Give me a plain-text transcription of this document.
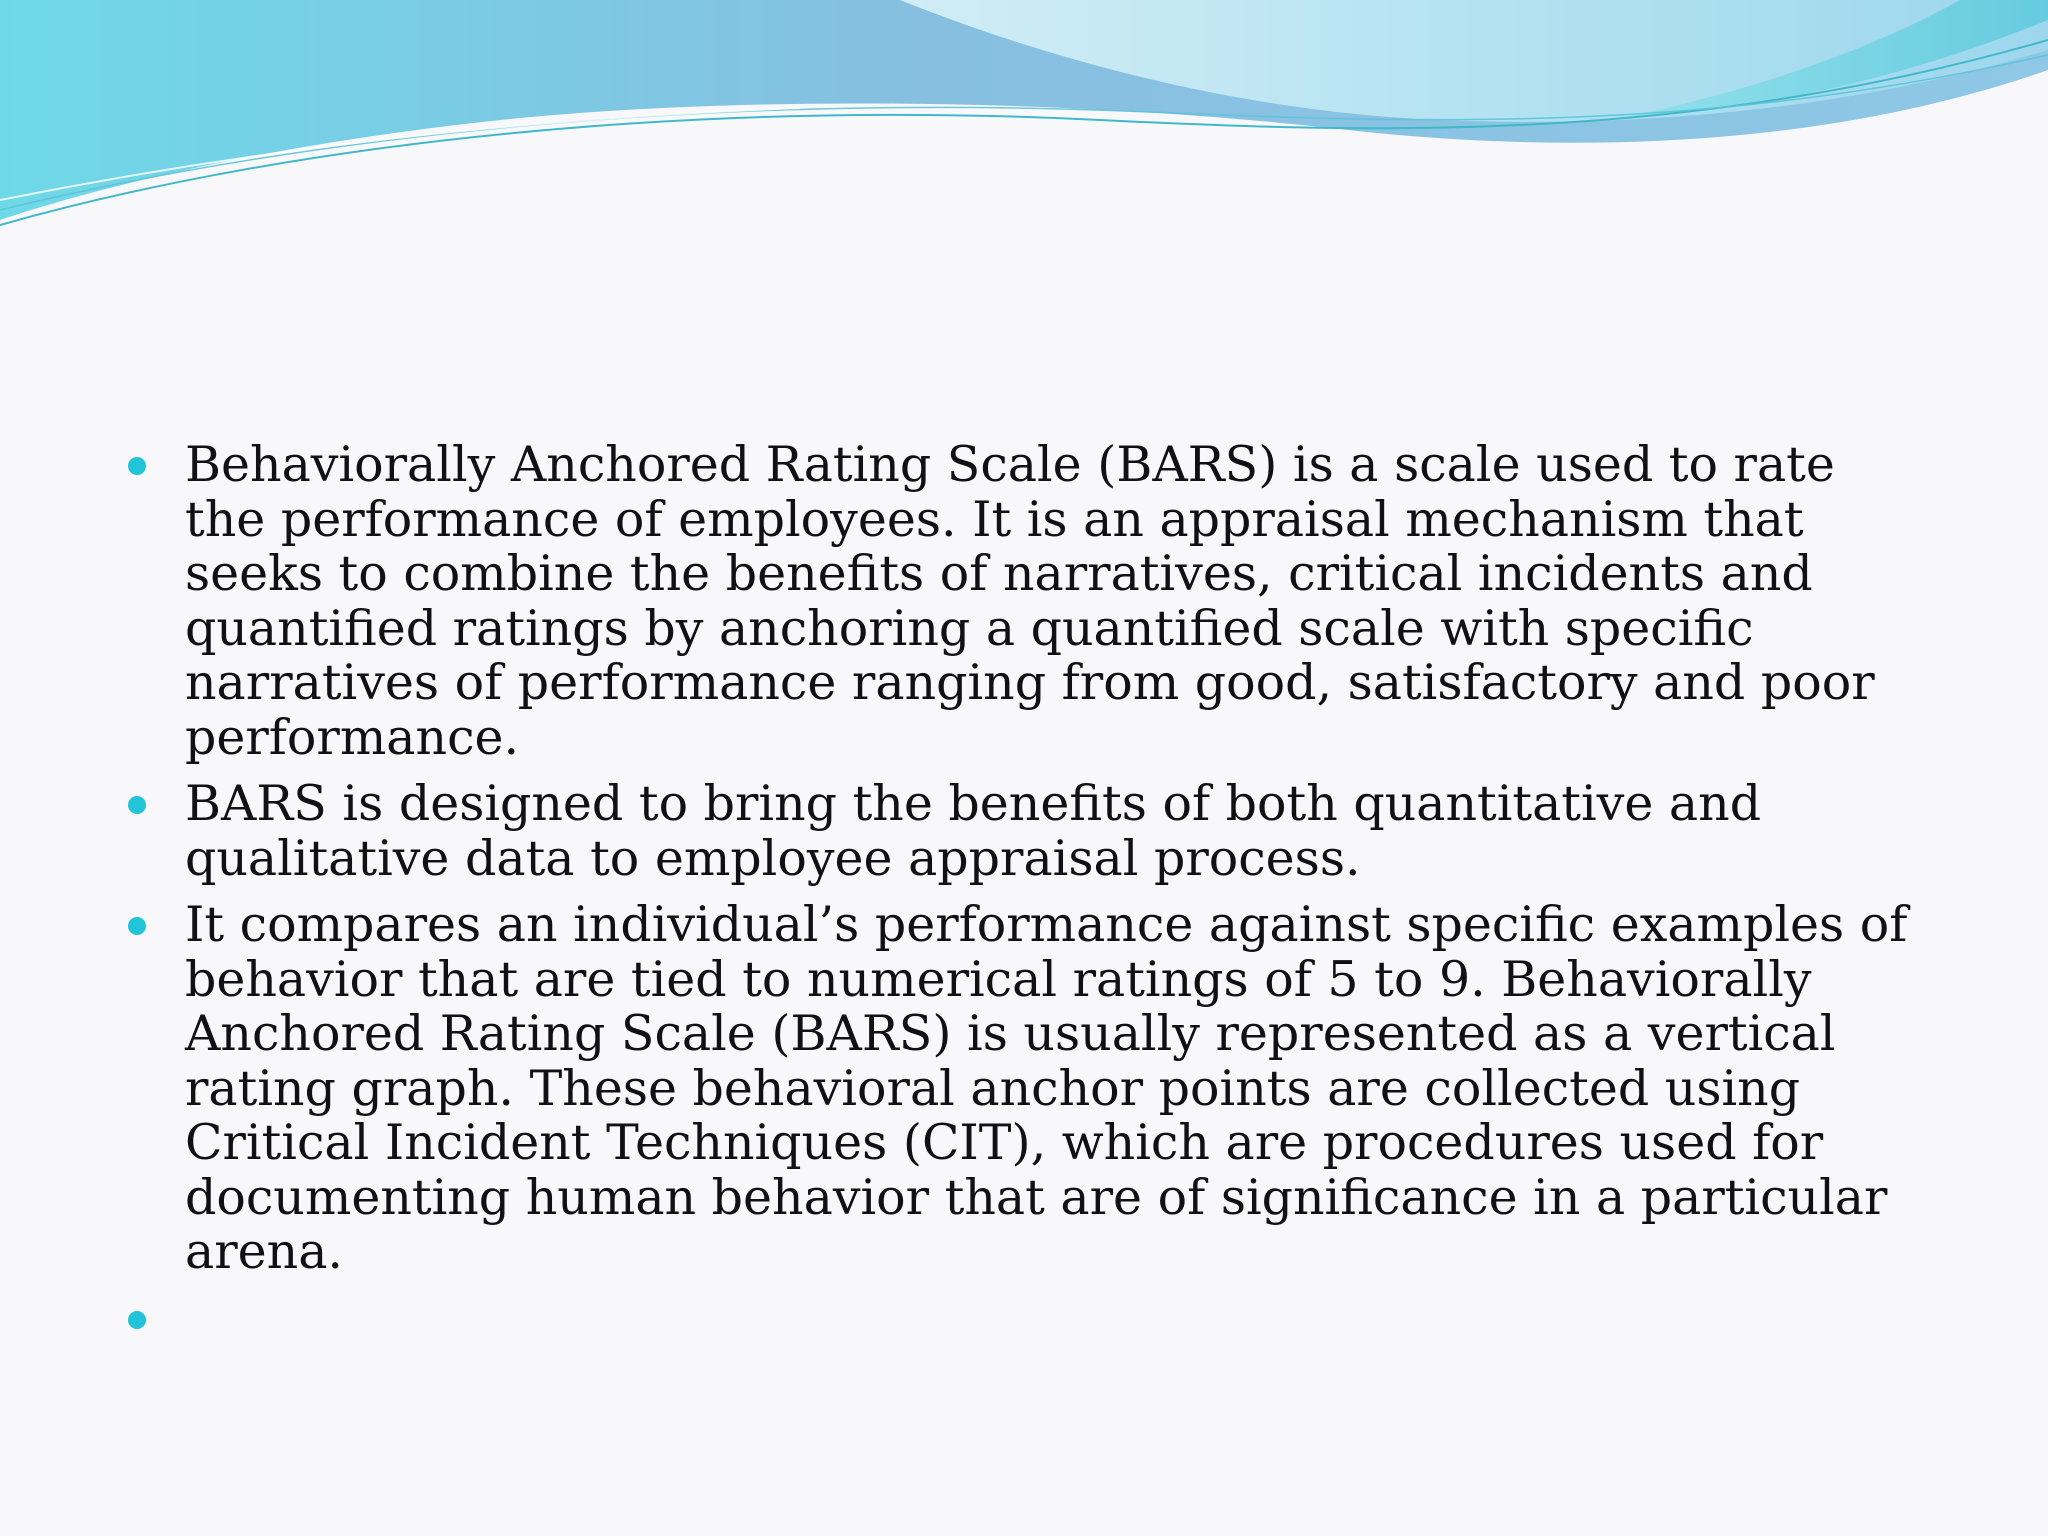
Behaviorally Anchored Rating Scale (BARS) is a scale used to rate the performance of employees. It is an appraisal mechanism that seeks to combine the benefits of narratives, critical incidents and quantified ratings by anchoring a quantified scale with specific narratives of performance ranging from good, satisfactory and poor performance.
BARS is designed to bring the benefits of both quantitative and qualitative data to employee appraisal process.
It compares an individual’s performance against specific examples of behavior that are tied to numerical ratings of 5 to 9. Behaviorally Anchored Rating Scale (BARS) is usually represented as a vertical rating graph. These behavioral anchor points are collected using Critical Incident Techniques (CIT), which are procedures used for documenting human behavior that are of significance in a particular arena.
